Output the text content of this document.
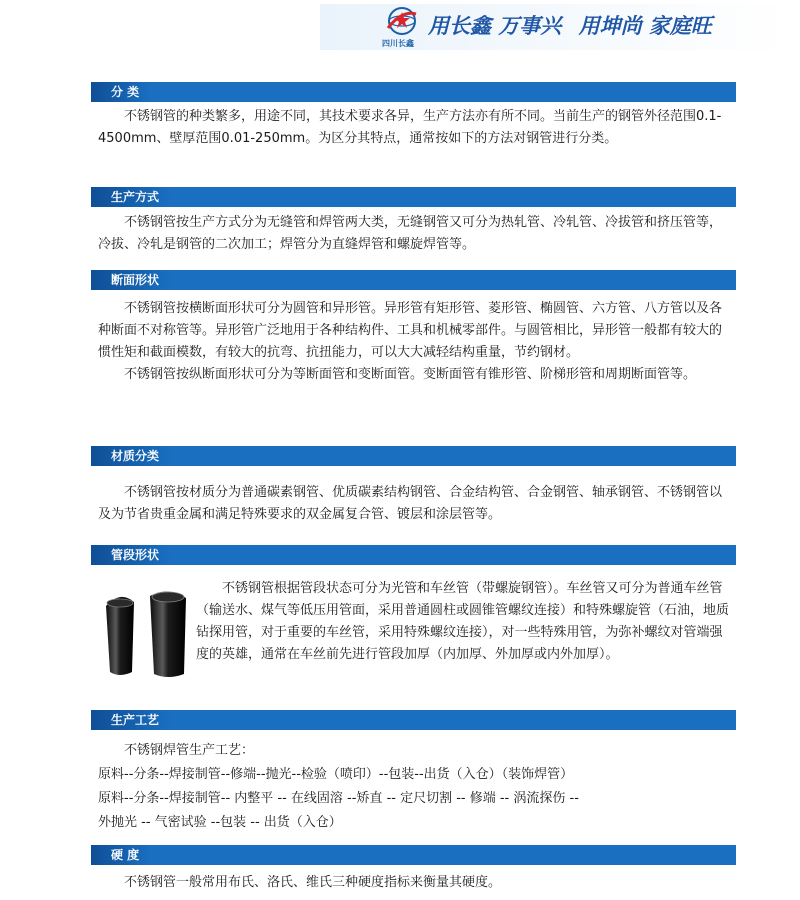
四川长鑫
用长鑫 万事兴 用坤尚 家庭旺
分 类

不锈钢管的种类繁多，用途不同，其技术要求各异，生产方法亦有所不同。当前生产的钢管外径范围0.1-4500mm、壁厚范围0.01-250mm。为区分其特点，通常按如下的方法对钢管进行分类。

生产方式

不锈钢管按生产方式分为无缝管和焊管两大类，无缝钢管又可分为热轧管、冷轧管、冷拔管和挤压管等，冷拔、冷轧是钢管的二次加工；焊管分为直缝焊管和螺旋焊管等。

断面形状

不锈钢管按横断面形状可分为圆管和异形管。异形管有矩形管、菱形管、椭圆管、六方管、八方管以及各种断面不对称管等。异形管广泛地用于各种结构件、工具和机械零部件。与圆管相比，异形管一般都有较大的惯性矩和截面模数，有较大的抗弯、抗扭能力，可以大大减轻结构重量，节约钢材。

不锈钢管按纵断面形状可分为等断面管和变断面管。变断面管有锥形管、阶梯形管和周期断面管等。

材质分类

不锈钢管按材质分为普通碳素钢管、优质碳素结构钢管、合金结构管、合金钢管、轴承钢管、不锈钢管以及为节省贵重金属和满足特殊要求的双金属复合管、镀层和涂层管等。

管段形状

不锈钢管根据管段状态可分为光管和车丝管（带螺旋钢管）。车丝管又可分为普通车丝管（输送水、煤气等低压用管面，采用普通圆柱或圆锥管螺纹连接）和特殊螺旋管（石油，地质钻探用管，对于重要的车丝管，采用特殊螺纹连接），对一些特殊用管，为弥补螺纹对管端强度的英雄，通常在车丝前先进行管段加厚（内加厚、外加厚或内外加厚）。

生产工艺
不锈钢焊管生产工艺：
原料--分条--焊接制管--修端--抛光--检验（喷印）--包装--出货（入仓）（装饰焊管）
原料--分条--焊接制管-- 内整平 -- 在线固溶 --矫直 -- 定尺切割 -- 修端 -- 涡流探伤 --
外抛光 -- 气密试验 --包装 -- 出货（入仓）
硬 度

不锈钢管一般常用布氏、洛氏、维氏三种硬度指标来衡量其硬度。
